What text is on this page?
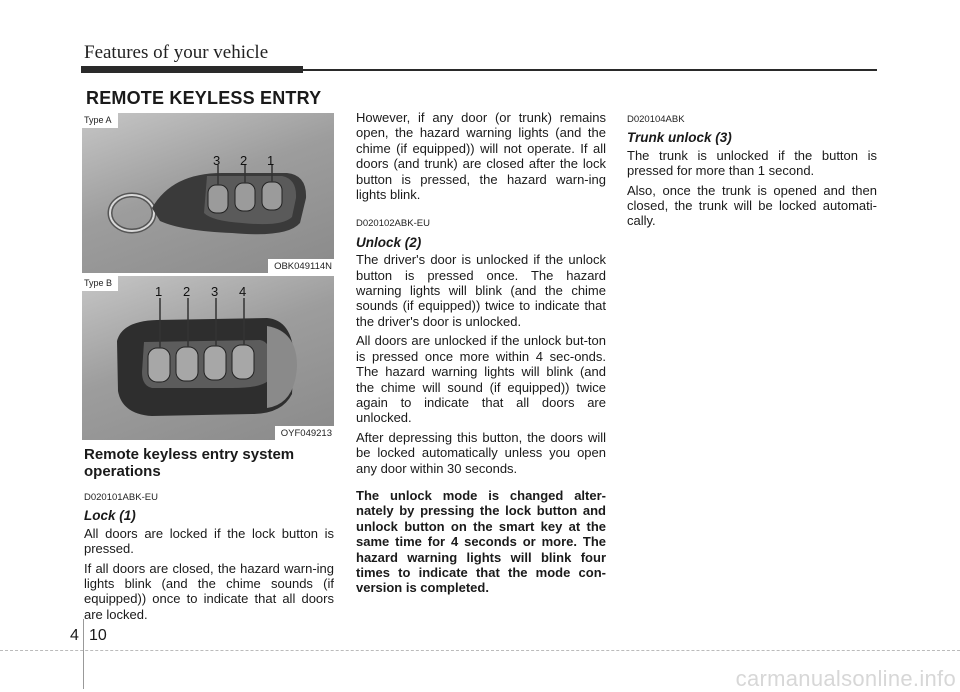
Features of your vehicle
REMOTE KEYLESS ENTRY
3 2 1
Type A
OBK049114N
1 2 3 4
Type B
OYF049213
Remote keyless entry system operations
D020101ABK-EU
Lock (1)

All doors are locked if the lock button is pressed.

If all doors are closed, the hazard warn-ing lights blink (and the chime sounds (if equipped)) once to indicate that all doors are locked.

However, if any door (or trunk) remains open, the hazard warning lights (and the chime (if equipped)) will not operate. If all doors (and trunk) are closed after the lock button is pressed, the hazard warn-ing lights blink.

D020102ABK-EU
Unlock (2)

The driver's door is unlocked if the unlock button is pressed once. The hazard warning lights will blink (and the chime sounds (if equipped)) twice to indicate that the driver's door is unlocked.

All doors are unlocked if the unlock but-ton is pressed once more within 4 sec-onds. The hazard warning lights will blink (and the chime will sound (if equipped)) twice again to indicate that all doors are unlocked.

After depressing this button, the doors will be locked automatically unless you open any door within 30 seconds.

The unlock mode is changed alter-nately by pressing the lock button and unlock button on the smart key at the same time for 4 seconds or more. The hazard warning lights will blink four times to indicate that the mode con-version is completed.

D020104ABK
Trunk unlock (3)

The trunk is unlocked if the button is pressed for more than 1 second.

Also, once the trunk is opened and then closed, the trunk will be locked automati-cally.

4 10
carmanualsonline.info
